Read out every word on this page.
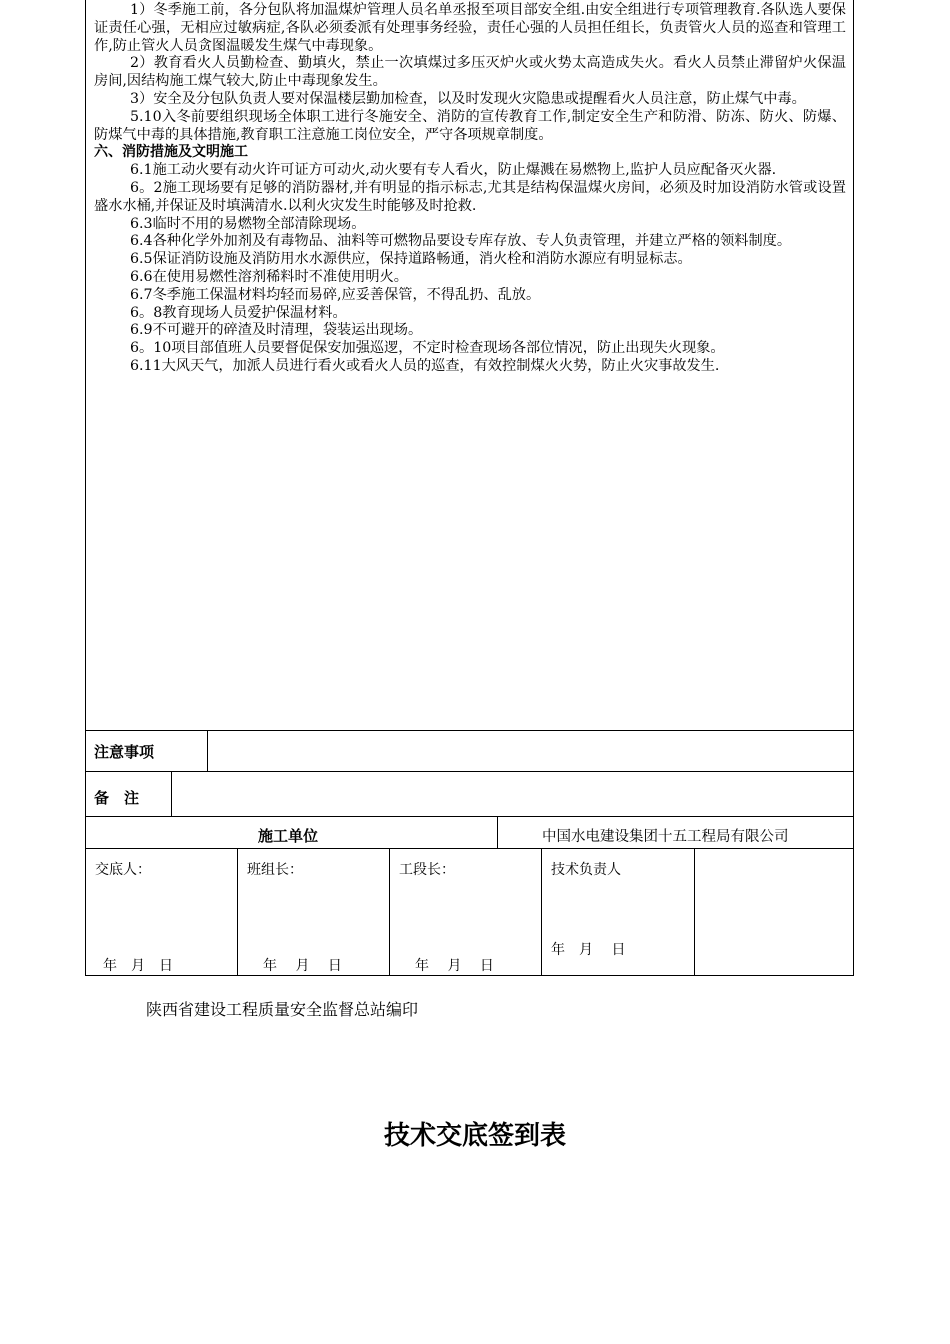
1）冬季施工前，各分包队将加温煤炉管理人员名单丞报至项目部安全组.由安全组进行专项管理教育.各队选人要保证责任心强，无相应过敏病症,各队必须委派有处理事务经验，责任心强的人员担任组长，负责管火人员的巡查和管理工作,防止管火人员贪图温暖发生煤气中毒现象。

2）教育看火人员勤检查、勤填火，禁止一次填煤过多压灭炉火或火势太高造成失火。看火人员禁止滞留炉火保温房间,因结构施工煤气较大,防止中毒现象发生。

3）安全及分包队负责人要对保温楼层勤加检查，以及时发现火灾隐患或提醒看火人员注意，防止煤气中毒。

5.10入冬前要组织现场全体职工进行冬施安全、消防的宣传教育工作,制定安全生产和防滑、防冻、防火、防爆、防煤气中毒的具体措施,教育职工注意施工岗位安全，严守各项规章制度。

六、消防措施及文明施工

6.1施工动火要有动火许可证方可动火,动火要有专人看火，防止爆溅在易燃物上,监护人员应配备灭火器.

6。2施工现场要有足够的消防器材,并有明显的指示标志,尤其是结构保温煤火房间，必须及时加设消防水管或设置盛水水桶,并保证及时填满清水.以利火灾发生时能够及时抢救.

6.3临时不用的易燃物全部清除现场。

6.4各种化学外加剂及有毒物品、油料等可燃物品要设专库存放、专人负责管理，并建立严格的领料制度。

6.5保证消防设施及消防用水水源供应，保持道路畅通，消火栓和消防水源应有明显标志。

6.6在使用易燃性溶剂稀料时不准使用明火。

6.7冬季施工保温材料均轻而易碎,应妥善保管，不得乱扔、乱放。

6。8教育现场人员爱护保温材料。

6.9不可避开的碎渣及时清理，袋装运出现场。

6。10项目部值班人员要督促保安加强巡逻，不定时检查现场各部位情况，防止出现失火现象。

6.11大风天气，加派人员进行看火或看火人员的巡查，有效控制煤火火势，防止火灾事故发生.

注意事项
备　注
施工单位	中国水电建设集团十五工程局有限公司
交底人：
年　月　日
班组长：
年　 月　 日
工段长：
年　 月　 日
技术负责人
年　月　 日
陕西省建设工程质量安全监督总站编印
技术交底签到表
